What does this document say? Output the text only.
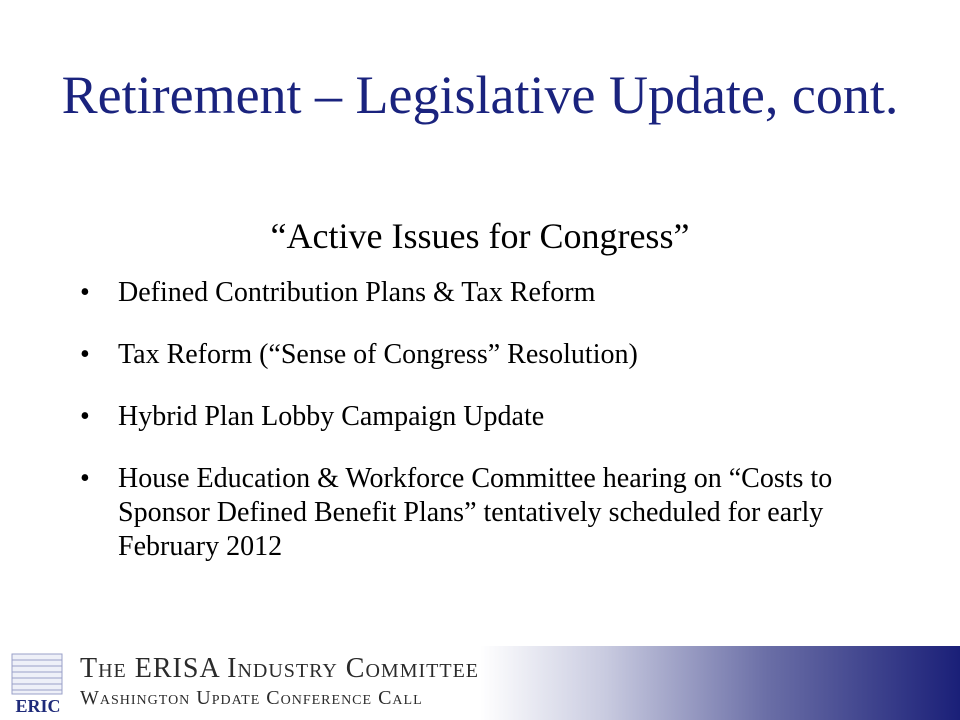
Retirement – Legislative Update, cont.
“Active Issues for Congress”
• Defined Contribution Plans & Tax Reform
• Tax Reform (“Sense of Congress” Resolution)
• Hybrid Plan Lobby Campaign Update
• House Education & Workforce Committee hearing on “Costs to Sponsor Defined Benefit Plans” tentatively scheduled for early February 2012
ERIC
The ERISA Industry Committee
Washington Update Conference Call
